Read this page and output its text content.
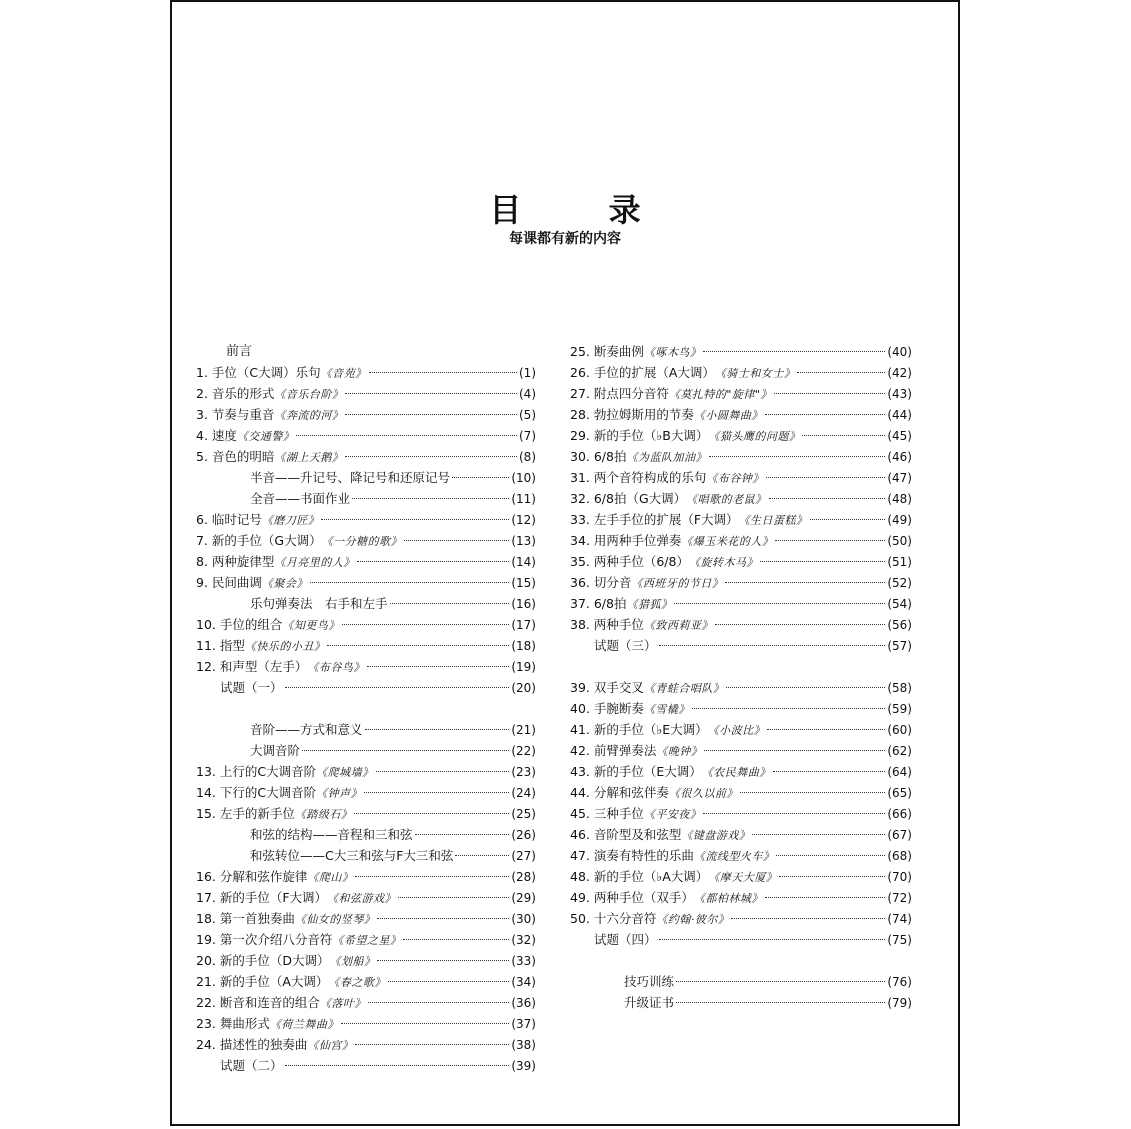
目 录
每课都有新的内容
前言
1. 手位（C大调）乐句 《音苑》	(1)
2. 音乐的形式 《音乐台阶》	(4)
3. 节奏与重音 《奔流的河》	(5)
4. 速度 《交通警》	(7)
5. 音色的明暗 《湖上天鹅》	(8)
半音——升记号、降记号和还原记号	(10)
全音——书面作业	(11)
6. 临时记号 《磨刀匠》	(12)
7. 新的手位（G大调） 《一分糖的歌》	(13)
8. 两种旋律型 《月亮里的人》	(14)
9. 民间曲调 《聚会》	(15)
乐句弹奏法　右手和左手	(16)
10. 手位的组合 《知更鸟》	(17)
11. 指型 《快乐的小丑》	(18)
12. 和声型（左手） 《布谷鸟》	(19)
试题（一）	(20)
音阶——方式和意义	(21)
大调音阶	(22)
13. 上行的C大调音阶 《爬城墙》	(23)
14. 下行的C大调音阶 《钟声》	(24)
15. 左手的新手位 《踏级石》	(25)
和弦的结构——音程和三和弦	(26)
和弦转位——C大三和弦与F大三和弦	(27)
16. 分解和弦作旋律 《爬山》	(28)
17. 新的手位（F大调） 《和弦游戏》	(29)
18. 第一首独奏曲 《仙女的竖琴》	(30)
19. 第一次介绍八分音符 《希望之星》	(32)
20. 新的手位（D大调） 《划船》	(33)
21. 新的手位（A大调） 《春之歌》	(34)
22. 断音和连音的组合 《落叶》	(36)
23. 舞曲形式 《荷兰舞曲》	(37)
24. 描述性的独奏曲 《仙宫》	(38)
试题（二）	(39)
25. 断奏曲例 《啄木鸟》	(40)
26. 手位的扩展（A大调） 《骑士和女士》	(42)
27. 附点四分音符 《莫扎特的"旋律"》	(43)
28. 勃拉姆斯用的节奏 《小圆舞曲》	(44)
29. 新的手位（♭B大调） 《猫头鹰的问题》	(45)
30. 6/8拍 《为蓝队加油》	(46)
31. 两个音符构成的乐句 《布谷钟》	(47)
32. 6/8拍（G大调） 《唱歌的老鼠》	(48)
33. 左手手位的扩展（F大调） 《生日蛋糕》	(49)
34. 用两种手位弹奏 《爆玉米花的人》	(50)
35. 两种手位（6/8） 《旋转木马》	(51)
36. 切分音 《西班牙的节日》	(52)
37. 6/8拍 《猎狐》	(54)
38. 两种手位 《致西莉亚》	(56)
试题（三）	(57)
39. 双手交叉 《青蛙合唱队》	(58)
40. 手腕断奏 《雪橇》	(59)
41. 新的手位（♭E大调） 《小波比》	(60)
42. 前臂弹奏法 《晚钟》	(62)
43. 新的手位（E大调） 《农民舞曲》	(64)
44. 分解和弦伴奏 《很久以前》	(65)
45. 三种手位 《平安夜》	(66)
46. 音阶型及和弦型 《键盘游戏》	(67)
47. 演奏有特性的乐曲 《流线型火车》	(68)
48. 新的手位（♭A大调） 《摩天大厦》	(70)
49. 两种手位（双手） 《都柏林城》	(72)
50. 十六分音符 《约翰·彼尔》	(74)
试题（四）	(75)
技巧训练	(76)
升级证书	(79)
